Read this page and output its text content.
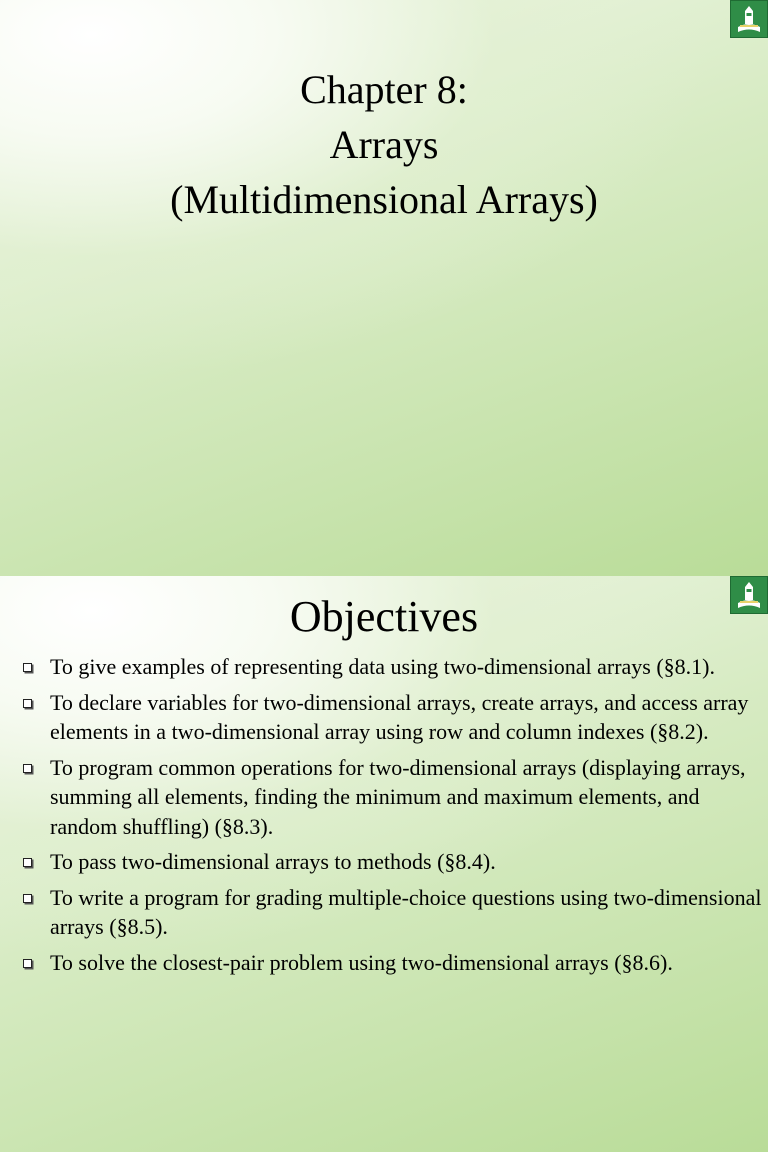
Chapter 8:
Arrays
(Multidimensional Arrays)
Objectives
To give examples of representing data using two-dimensional arrays (§8.1).
To declare variables for two-dimensional arrays, create arrays, and access array elements in a two-dimensional array using row and column indexes (§8.2).
To program common operations for two-dimensional arrays (displaying arrays, summing all elements, finding the minimum and maximum elements, and random shuffling) (§8.3).
To pass two-dimensional arrays to methods (§8.4).
To write a program for grading multiple-choice questions using two-dimensional arrays (§8.5).
To solve the closest-pair problem using two-dimensional arrays (§8.6).
